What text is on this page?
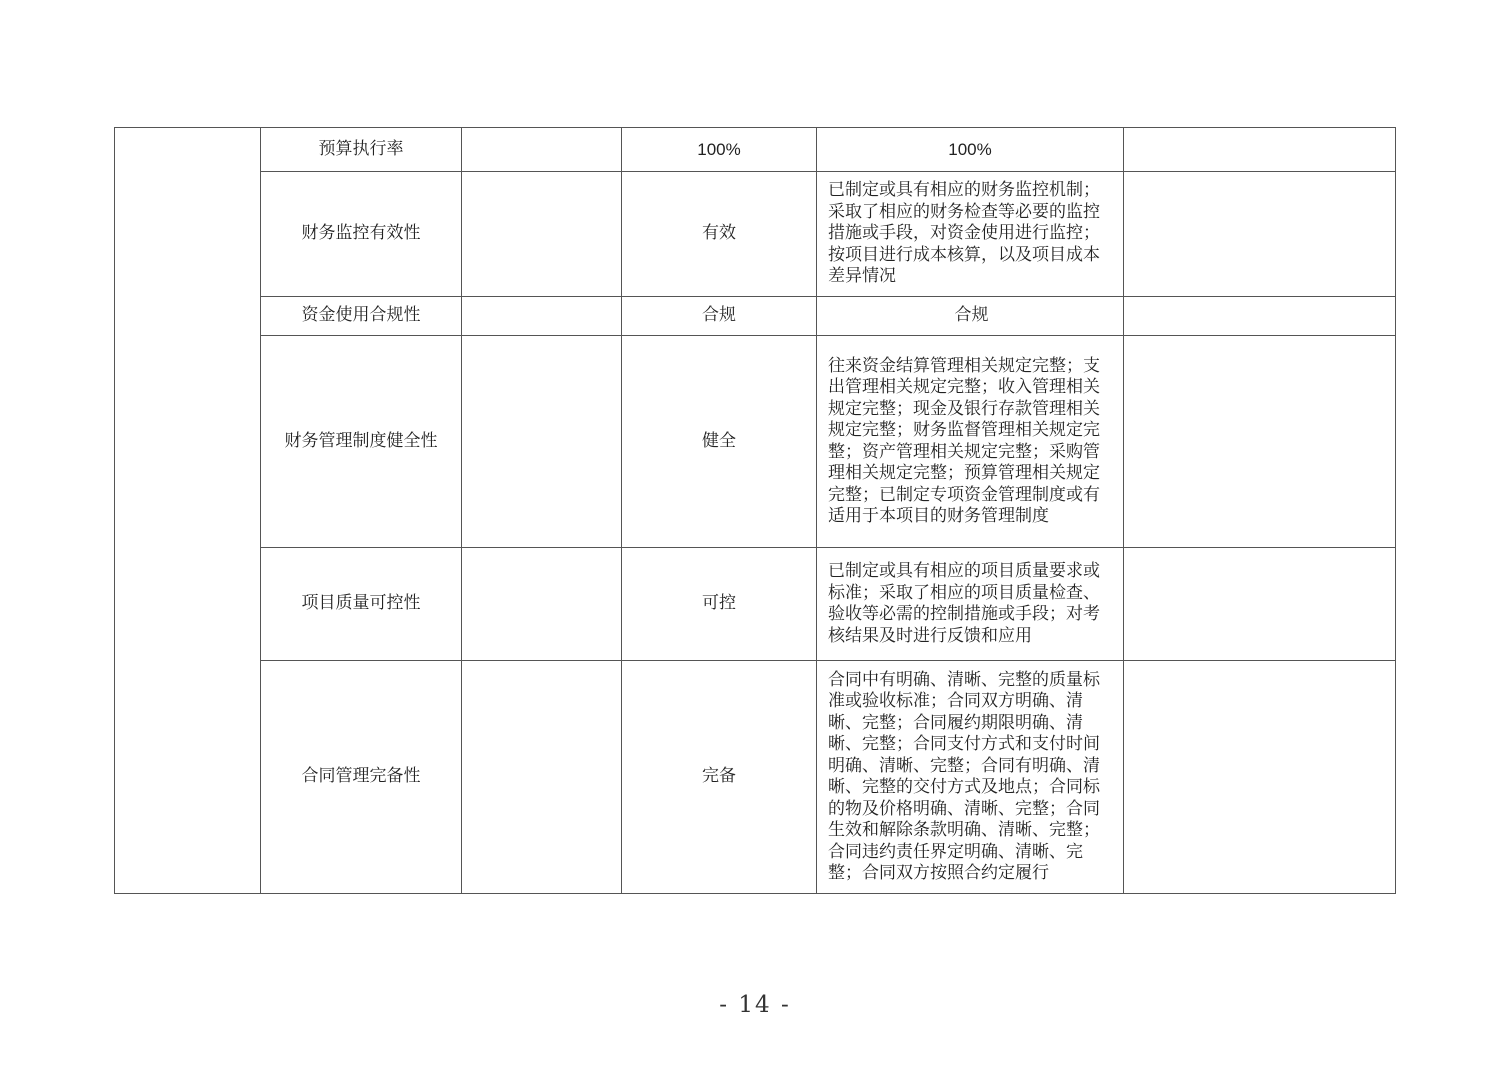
	预算执行率		100%	100%	
	财务监控有效性		有效	已制定或具有相应的财务监控机制；采取了相应的财务检查等必要的监控措施或手段，对资金使用进行监控；按项目进行成本核算，以及项目成本差异情况	
	资金使用合规性		合规	合规	
	财务管理制度健全性		健全	往来资金结算管理相关规定完整；支出管理相关规定完整；收入管理相关规定完整；现金及银行存款管理相关规定完整；财务监督管理相关规定完整；资产管理相关规定完整；采购管理相关规定完整；预算管理相关规定完整；已制定专项资金管理制度或有适用于本项目的财务管理制度	
	项目质量可控性		可控	已制定或具有相应的项目质量要求或标准；采取了相应的项目质量检查、验收等必需的控制措施或手段；对考核结果及时进行反馈和应用	
	合同管理完备性		完备	合同中有明确、清晰、完整的质量标准或验收标准；合同双方明确、清晰、完整；合同履约期限明确、清晰、完整；合同支付方式和支付时间明确、清晰、完整；合同有明确、清晰、完整的交付方式及地点；合同标的物及价格明确、清晰、完整；合同生效和解除条款明确、清晰、完整；合同违约责任界定明确、清晰、完整；合同双方按照合约定履行	
- 14 -
